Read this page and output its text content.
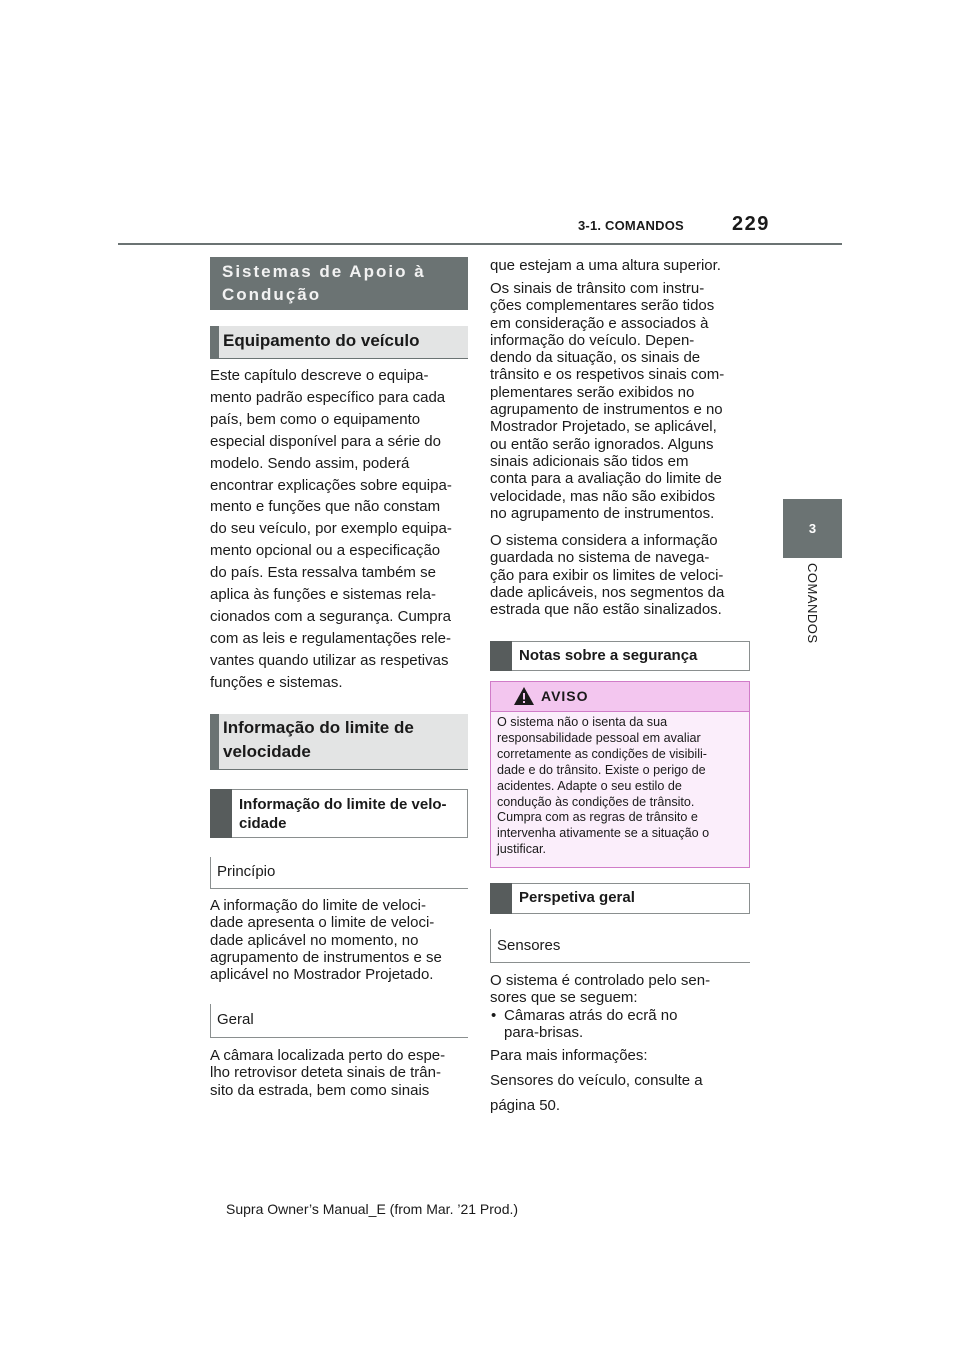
3-1. COMANDOS 229
3
COMANDOS
Sistemas de Apoio à Condução
Equipamento do veículo
Este capítulo descreve o equipa-
mento padrão específico para cada
país, bem como o equipamento
especial disponível para a série do
modelo. Sendo assim, poderá
encontrar explicações sobre equipa-
mento e funções que não constam
do seu veículo, por exemplo equipa-
mento opcional ou a especificação
do país. Esta ressalva também se
aplica às funções e sistemas rela-
cionados com a segurança. Cumpra
com as leis e regulamentações rele-
vantes quando utilizar as respetivas
funções e sistemas.
Informação do limite de
velocidade
Informação do limite de velo-
cidade
Princípio
A informação do limite de veloci-
dade apresenta o limite de veloci-
dade aplicável no momento, no
agrupamento de instrumentos e se
aplicável no Mostrador Projetado.
Geral
A câmara localizada perto do espe-
lho retrovisor deteta sinais de trân-
sito da estrada, bem como sinais
que estejam a uma altura superior.
Os sinais de trânsito com instru-
ções complementares serão tidos
em consideração e associados à
informação do veículo. Depen-
dendo da situação, os sinais de
trânsito e os respetivos sinais com-
plementares serão exibidos no
agrupamento de instrumentos e no
Mostrador Projetado, se aplicável,
ou então serão ignorados. Alguns
sinais adicionais são tidos em
conta para a avaliação do limite de
velocidade, mas não são exibidos
no agrupamento de instrumentos.
O sistema considera a informação
guardada no sistema de navega-
ção para exibir os limites de veloci-
dade aplicáveis, nos segmentos da
estrada que não estão sinalizados.
Notas sobre a segurança
AVISO
O sistema não o isenta da sua
responsabilidade pessoal em avaliar
corretamente as condições de visibili-
dade e do trânsito. Existe o perigo de
acidentes. Adapte o seu estilo de
condução às condições de trânsito.
Cumpra com as regras de trânsito e
intervenha ativamente se a situação o
justificar.
Perspetiva geral
Sensores
O sistema é controlado pelo sen-
sores que se seguem:
• Câmaras atrás do ecrã no
para-brisas.
Para mais informações:
Sensores do veículo, consulte a
página 50.
Supra Owner’s Manual_E (from Mar. ’21 Prod.)
